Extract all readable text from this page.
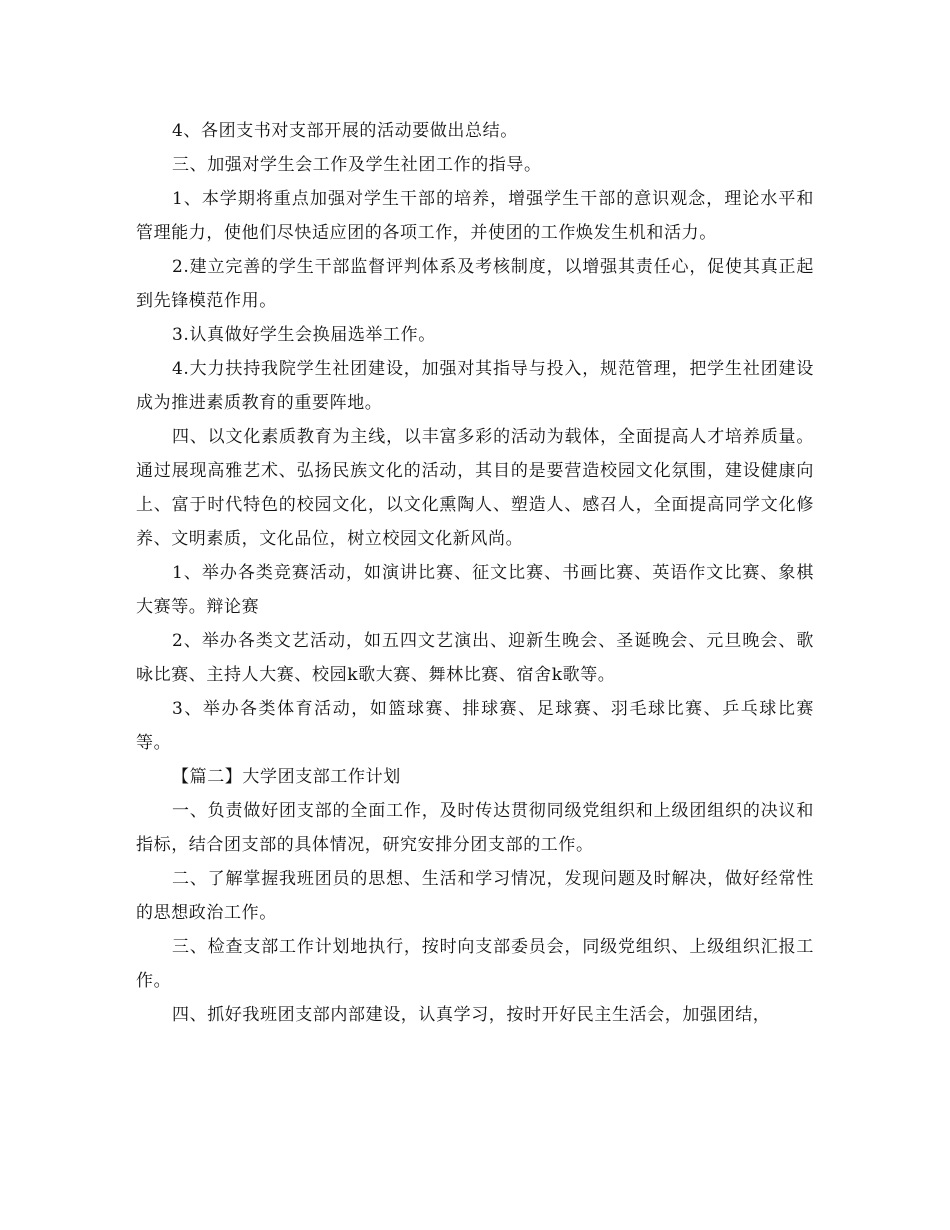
4、各团支书对支部开展的活动要做出总结。

三、加强对学生会工作及学生社团工作的指导。

1、本学期将重点加强对学生干部的培养，增强学生干部的意识观念，理论水平和管理能力，使他们尽快适应团的各项工作，并使团的工作焕发生机和活力。

2.建立完善的学生干部监督评判体系及考核制度，以增强其责任心，促使其真正起到先锋模范作用。

3.认真做好学生会换届选举工作。

4.大力扶持我院学生社团建设，加强对其指导与投入，规范管理，把学生社团建设成为推进素质教育的重要阵地。

四、以文化素质教育为主线，以丰富多彩的活动为载体，全面提高人才培养质量。通过展现高雅艺术、弘扬民族文化的活动，其目的是要营造校园文化氛围，建设健康向上、富于时代特色的校园文化，以文化熏陶人、塑造人、感召人，全面提高同学文化修养、文明素质，文化品位，树立校园文化新风尚。

1、举办各类竞赛活动，如演讲比赛、征文比赛、书画比赛、英语作文比赛、象棋大赛等。辩论赛

2、举办各类文艺活动，如五四文艺演出、迎新生晚会、圣诞晚会、元旦晚会、歌咏比赛、主持人大赛、校园k歌大赛、舞林比赛、宿舍k歌等。

3、举办各类体育活动，如篮球赛、排球赛、足球赛、羽毛球比赛、乒乓球比赛等。

【篇二】大学团支部工作计划

一、负责做好团支部的全面工作，及时传达贯彻同级党组织和上级团组织的决议和指标，结合团支部的具体情况，研究安排分团支部的工作。

二、了解掌握我班团员的思想、生活和学习情况，发现问题及时解决，做好经常性的思想政治工作。

三、检查支部工作计划地执行，按时向支部委员会，同级党组织、上级组织汇报工作。

四、抓好我班团支部内部建设，认真学习，按时开好民主生活会，加强团结，
